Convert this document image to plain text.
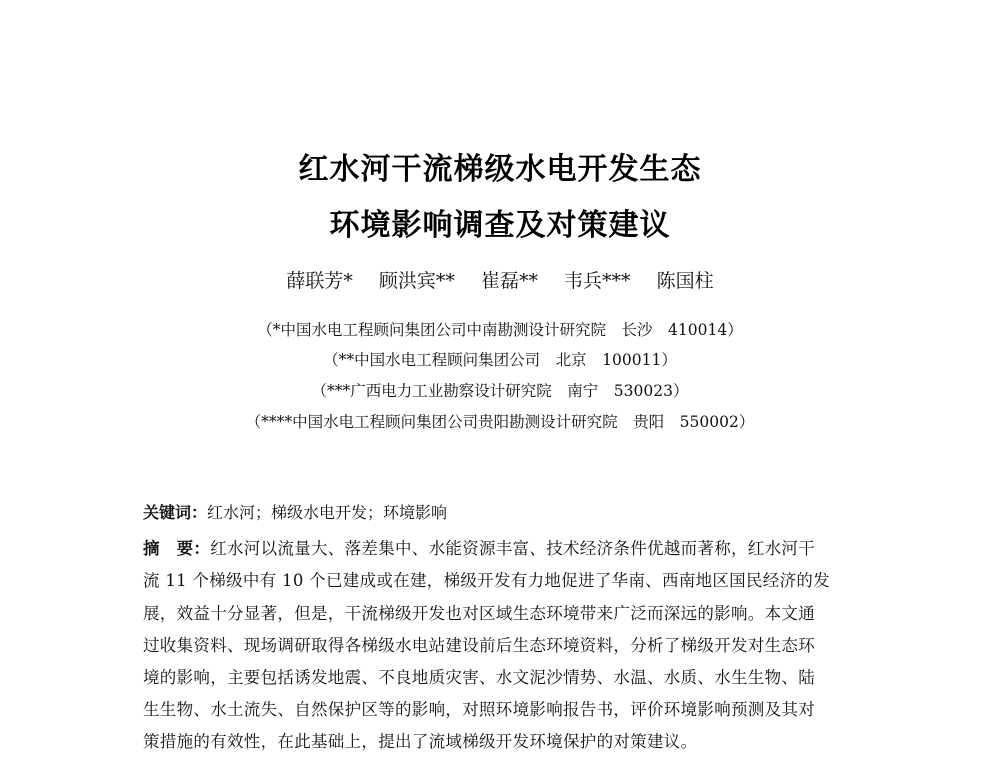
红水河干流梯级水电开发生态
环境影响调查及对策建议
薛联芳* 顾洪宾** 崔磊** 韦兵*** 陈国柱
（*中国水电工程顾问集团公司中南勘测设计研究院　长沙　410014）
（**中国水电工程顾问集团公司　北京　100011）
（***广西电力工业勘察设计研究院　南宁　530023）
（****中国水电工程顾问集团公司贵阳勘测设计研究院　贵阳　550002）
关键词：红水河；梯级水电开发；环境影响
摘　要：红水河以流量大、落差集中、水能资源丰富、技术经济条件优越而著称，红水河干
流 11 个梯级中有 10 个已建成或在建，梯级开发有力地促进了华南、西南地区国民经济的发
展，效益十分显著，但是，干流梯级开发也对区域生态环境带来广泛而深远的影响。本文通
过收集资料、现场调研取得各梯级水电站建设前后生态环境资料，分析了梯级开发对生态环
境的影响，主要包括诱发地震、不良地质灾害、水文泥沙情势、水温、水质、水生生物、陆
生生物、水土流失、自然保护区等的影响，对照环境影响报告书，评价环境影响预测及其对
策措施的有效性，在此基础上，提出了流域梯级开发环境保护的对策建议。
